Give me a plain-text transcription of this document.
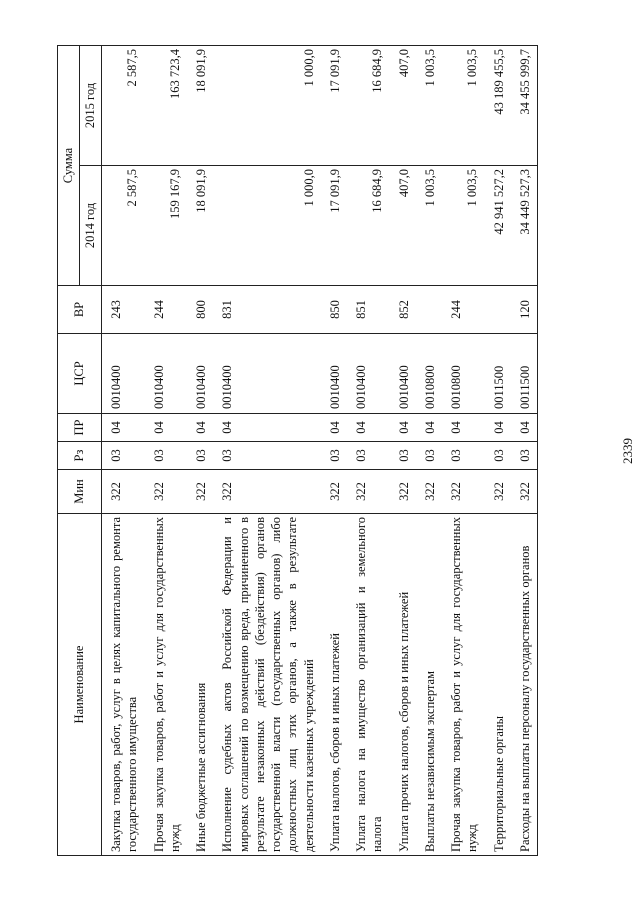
2339
Наименование	Мин	Рз	ПР	ЦСР	ВР	Сумма	
						2014 год	2015 год
Закупка товаров, работ, услуг в целях капитального ремонта государственного имущества	322	03	04	0010400	243	2 587,5	2 587,5
Прочая закупка товаров, работ и услуг для государственных нужд	322	03	04	0010400	244	159 167,9	163 723,4
Иные бюджетные ассигнования	322	03	04	0010400	800	18 091,9	18 091,9
Исполнение судебных актов Российской Федерации и мировых соглашений по возмещению вреда, причиненного в результате незаконных действий (бездействия) органов государственной власти (государственных органов) либо должностных лиц этих органов, а также в результате деятельности казенных учреждений	322	03	04	0010400	831	1 000,0	1 000,0
Уплата налогов, сборов и иных платежей	322	03	04	0010400	850	17 091,9	17 091,9
Уплата налога на имущество организаций и земельного налога	322	03	04	0010400	851	16 684,9	16 684,9
Уплата прочих налогов, сборов и иных платежей	322	03	04	0010400	852	407,0	407,0
Выплаты независимым экспертам	322	03	04	0010800		1 003,5	1 003,5
Прочая закупка товаров, работ и услуг для государственных нужд	322	03	04	0010800	244	1 003,5	1 003,5
Территориальные органы	322	03	04	0011500		42 941 527,2	43 189 455,5
Расходы на выплаты персоналу государственных органов	322	03	04	0011500	120	34 449 527,3	34 455 999,7
